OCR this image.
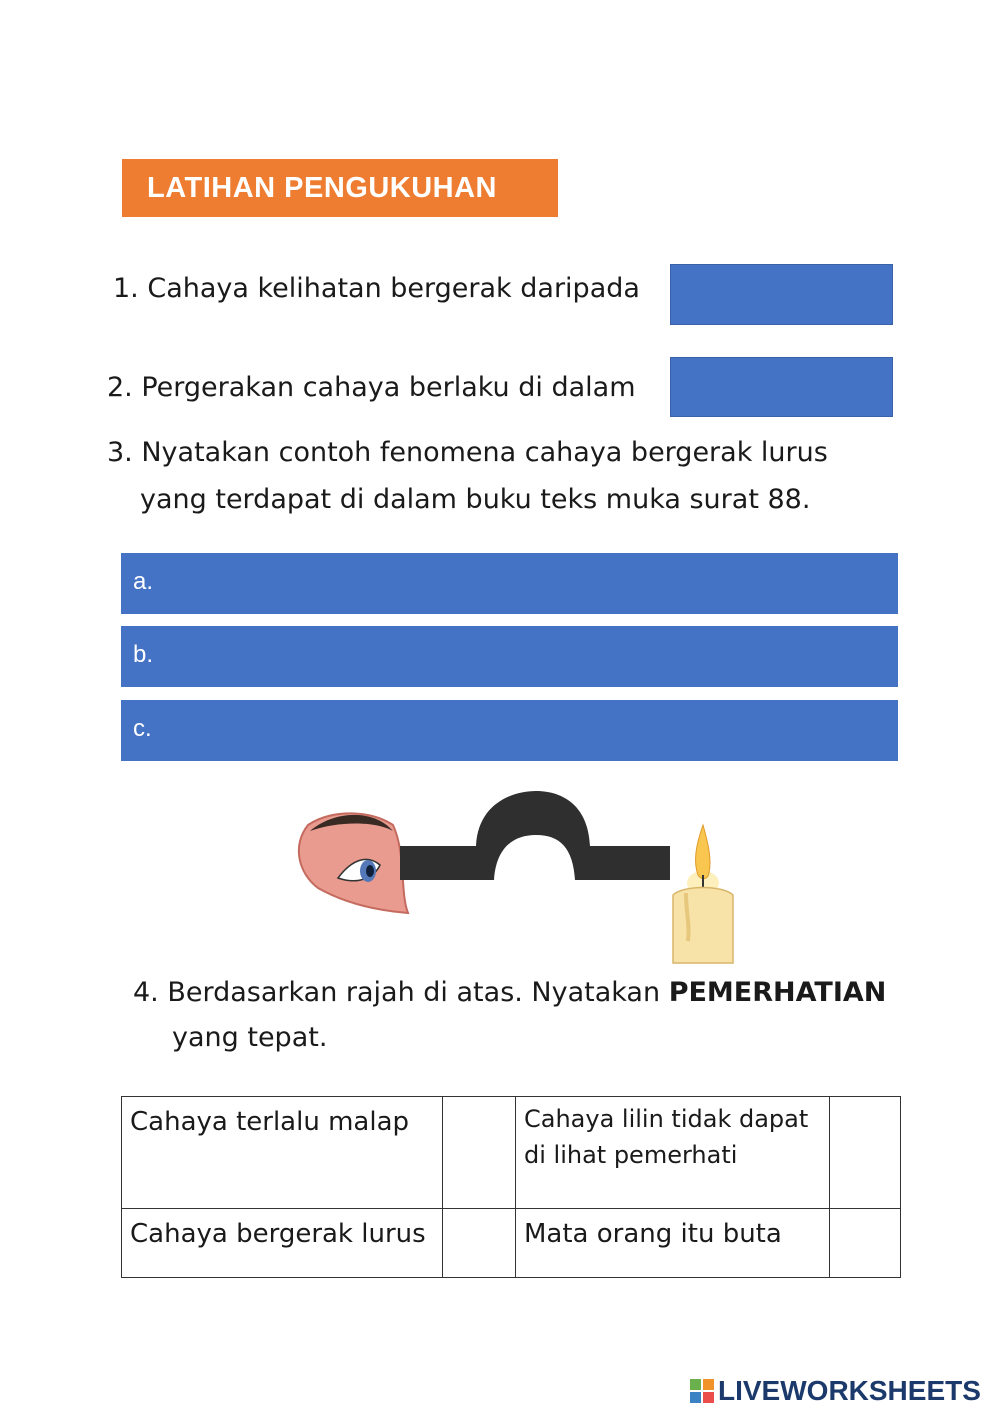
LATIHAN PENGUKUHAN
1. Cahaya kelihatan bergerak daripada
2. Pergerakan cahaya berlaku di dalam
3. Nyatakan contoh fenomena cahaya bergerak lurus
yang terdapat di dalam buku teks muka surat 88.
a.
b.
c.
4. Berdasarkan rajah di atas. Nyatakan PEMERHATIAN
yang tepat.
Cahaya terlalu malap		Cahaya lilin tidak dapat di lihat pemerhati	
Cahaya bergerak lurus		Mata orang itu buta	
LIVEWORKSHEETS
